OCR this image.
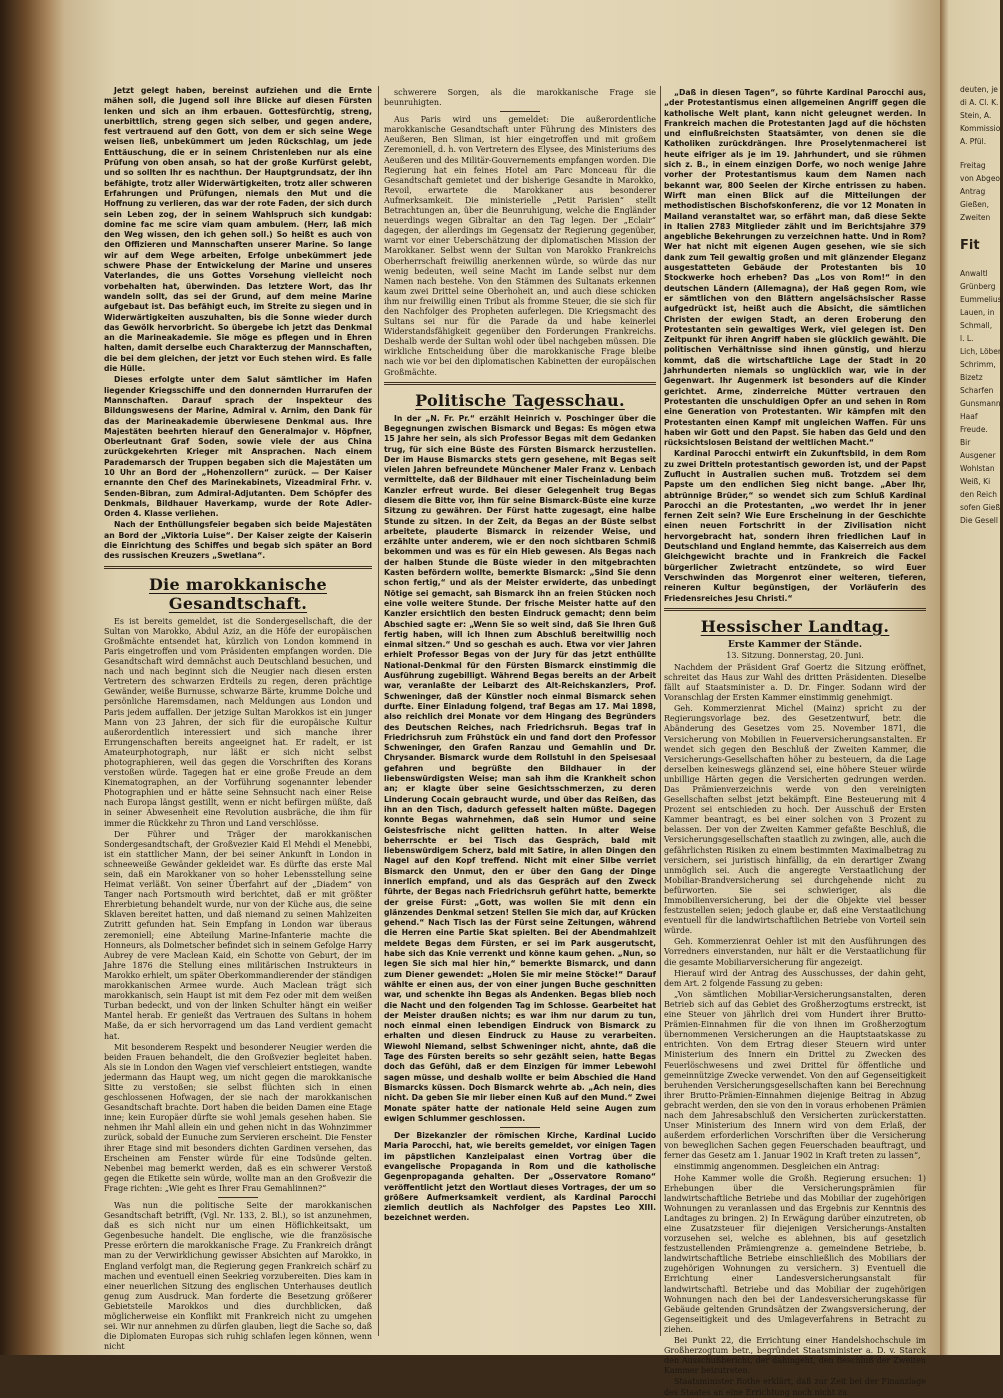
Jetzt gelegt haben, bereinst aufziehen und die Ernte mähen soll, die Jugend soll ihre Blicke auf diesen Fürsten lenken und sich an ihm erbauen. Gottesfürchtig, streng, unerbittlich, streng gegen sich selber, und gegen andere, fest vertrauend auf den Gott, von dem er sich seine Wege weisen ließ, unbekümmert um jeden Rückschlag, um jede Enttäuschung, die er in seinem Christenleben nur als eine Prüfung von oben ansah, so hat der große Kurfürst gelebt, und so sollten Ihr es nachthun. Der Hauptgrundsatz, der ihn befähigte, trotz aller Widerwärtigkeiten, trotz aller schweren Erfahrungen und Prüfungen, niemals den Mut und die Hoffnung zu verlieren, das war der rote Faden, der sich durch sein Leben zog, der in seinem Wahlspruch sich kundgab: domine fac me scire viam quam ambulem. (Herr, laß mich den Weg wissen, den ich gehen soll.) So heißt es auch von den Offizieren und Mannschaften unserer Marine. So lange wir auf dem Wege arbeiten, Erfolge unbekümmert jede schwere Phase der Entwickelung der Marine und unseres Vaterlandes, die uns Gottes Vorsehung vielleicht noch vorbehalten hat, überwinden. Das letztere Wort, das Ihr wandeln sollt, das sei der Grund, auf dem meine Marine aufgebaut ist. Das befähigt euch, im Streite zu siegen und in Widerwärtigkeiten auszuhalten, bis die Sonne wieder durch das Gewölk hervorbricht. So übergebe ich jetzt das Denkmal an die Marineakademie. Sie möge es pflegen und in Ehren halten, damit derselbe euch Charakterzug der Mannschaften, die bei dem gleichen, der jetzt vor Euch stehen wird. Es falle die Hülle.

Dieses erfolgte unter dem Salut sämtlicher im Hafen liegender Kriegsschiffe und den donnernden Hurrarufen der Mannschaften. Darauf sprach der Inspekteur des Bildungswesens der Marine, Admiral v. Arnim, den Dank für das der Marineakademie überwiesene Denkmal aus. Ihre Majestäten beehrten hierauf den Generalmajor v. Höpfner, Oberleutnant Graf Soden, sowie viele der aus China zurückgekehrten Krieger mit Ansprachen. Nach einem Parademarsch der Truppen begaben sich die Majestäten um 10 Uhr an Bord der „Hohenzollern“ zurück. — Der Kaiser ernannte den Chef des Marinekabinets, Vizeadmiral Frhr. v. Senden-Bibran, zum Admiral-Adjutanten. Dem Schöpfer des Denkmals, Bildhauer Haverkamp, wurde der Rote Adler-Orden 4. Klasse verliehen.

Nach der Enthüllungsfeier begaben sich beide Majestäten an Bord der „Viktoria Luise“. Der Kaiser zeigte der Kaiserin die Einrichtung des Schiffes und begab sich später an Bord des russischen Kreuzers „Swetlana“.

Die marokkanische Gesandtschaft.

Es ist bereits gemeldet, ist die Sondergesellschaft, die der Sultan von Marokko, Abdul Aziz, an die Höfe der europäischen Großmächte entsendet hat, kürzlich von London kommend in Paris eingetroffen und vom Präsidenten empfangen worden. Die Gesandtschaft wird demnächst auch Deutschland besuchen, und nach und nach beginnt sich die Neugier nach diesen ersten Vertretern des schwarzen Erdteils zu regen, deren prächtige Gewänder, weiße Burnusse, schwarze Bärte, krumme Dolche und persönliche Haremsdamen, nach Meldungen aus London und Paris jedem auffallen. Der jetzige Sultan Marokkos ist ein junger Mann von 23 Jahren, der sich für die europäische Kultur außerordentlich interessiert und sich manche ihrer Errungenschaften bereits angeeignet hat. Er radelt, er ist Amateurphotograph, nur läßt er sich nicht selbst photographieren, weil das gegen die Vorschriften des Korans verstoßen würde. Tagegen hat er eine große Freude an dem Kinematographen, an der Vorführung sogenannter lebender Photographien und er hätte seine Sehnsucht nach einer Reise nach Europa längst gestillt, wenn er nicht befürgen müßte, daß in seiner Abwesenheit eine Revolution ausbräche, die ihm für immer die Rückkehr zu Thron und Land verschlösse.

Der Führer und Träger der marokkanischen Sondergesandtschaft, der Großvezier Kaid El Mehdi el Menebbi, ist ein stattlicher Mann, der bei seiner Ankunft in London in schneeweiße Gewänder gekleidet war. Es dürfte das erste Mal sein, daß ein Marokkaner von so hoher Lebensstellung seine Heimat verläßt. Von seiner Überfahrt auf der „Diadem“ von Tanger nach Portsmouth wird berichtet, daß er mit größter Ehrerbietung behandelt wurde, nur von der Küche aus, die seine Sklaven bereitet hatten, und daß niemand zu seinen Mahlzeiten Zutritt gefunden hat. Sein Empfang in London war überaus zeremoniell; eine Abteilung Marine-Infanterie machte die Honneurs, als Dolmetscher befindet sich in seinem Gefolge Harry Aubrey de vere Maclean Kaid, ein Schotte von Geburt, der im Jahre 1876 die Stellung eines militärischen Instrukteurs in Marokko erhielt, um später Oberkommandierender der ständigen marokkanischen Armee wurde. Auch Maclean trägt sich marokkanisch, sein Haupt ist mit dem Fez oder mit dem weißen Turban bedeckt, und von der linken Schulter hängt ein weißer Mantel herab. Er genießt das Vertrauen des Sultans in hohem Maße, da er sich hervorragend um das Land verdient gemacht hat.

Mit besonderem Respekt und besonderer Neugier werden die beiden Frauen behandelt, die den Großvezier begleitet haben. Als sie in London den Wagen vief verschleiert entstiegen, wandte jedermann das Haupt weg, um nicht gegen die marokkanische Sitte zu verstoßen; sie selbst flüchten sich in einen geschlossenen Hofwagen, der sie nach der marokkanischen Gesandtschaft brachte. Dort haben die beiden Damen eine Etage inne; kein Europäer dürfte sie wohl jemals gesehen haben. Sie nehmen ihr Mahl allein ein und gehen nicht in das Wohnzimmer zurück, sobald der Eunuche zum Servieren erscheint. Die Fenster ihrer Etage sind mit besonders dichten Gardinen versehen, das Erscheinen am Fenster würde für eine Todsünde gelten. Nebenbei mag bemerkt werden, daß es ein schwerer Verstoß gegen die Etikette sein würde, wollte man an den Großvezir die Frage richten: „Wie geht es Ihrer Frau Gemahlinnen?“

Was nun die politische Seite der marokkanischen Gesandtschaft betrifft, (Vgl. Nr. 133, 2. Bl.), so ist anzunehmen, daß es sich nicht nur um einen Höflichkeitsakt, um Gegenbesuche handelt. Die englische, wie die französische Presse erörtern die marokkanische Frage. Zu Frankreich drängt man zu der Verwirklichung gewisser Absichten auf Marokko, in England verfolgt man, die Regierung gegen Frankreich schärf zu machen und eventuell einen Seekrieg vorzubereiten. Dies kam in einer neuerlichen Sitzung des englischen Unterhauses deutlich genug zum Ausdruck. Man forderte die Besetzung größerer Gebietsteile Marokkos und dies durchblicken, daß möglicherweise ein Konflikt mit Frankreich nicht zu umgehen sei. Wir nur annehmen zu dürfen glauben, liegt die Sache so, daß die Diplomaten Europas sich ruhig schlafen legen können, wenn nicht

schwerere Sorgen, als die marokkanische Frage sie beunruhigten.

Aus Paris wird uns gemeldet: Die außerordentliche marokkanische Gesandtschaft unter Führung des Ministers des Aeußeren, Ben Sliman, ist hier eingetroffen und mit großem Zeremoniell, d. h. von Vertretern des Elysee, des Ministeriums des Aeußeren und des Militär-Gouvernements empfangen worden. Die Regierung hat ein feines Hotel am Parc Monceau für die Gesandtschaft gemietet und der bisherige Gesandte in Marokko, Revoil, erwartete die Marokkaner aus besonderer Aufmerksamkeit. Die ministerielle „Petit Parisien“ stellt Betrachtungen an, über die Beunruhigung, welche die Engländer neuerdings wegen Gibraltar an den Tag legen. Der „Eclair“ dagegen, der allerdings im Gegensatz der Regierung gegenüber, warnt vor einer Ueberschätzung der diplomatischen Mission der Marokkaner. Selbst wenn der Sultan von Marokko Frankreichs Oberherrschaft freiwillig anerkennen würde, so würde das nur wenig bedeuten, weil seine Macht im Lande selbst nur dem Namen nach bestehe. Von den Stämmen des Sultanats erkennen kaum zwei Drittel seine Oberhoheit an, und auch diese schicken ihm nur freiwillig einen Tribut als fromme Steuer, die sie sich für den Nachfolger des Propheten auferlegen. Die Kriegsmacht des Sultans sei nur für die Parade da und habe keinerlei Widerstandsfähigkeit gegenüber den Forderungen Frankreichs. Deshalb werde der Sultan wohl oder übel nachgeben müssen. Die wirkliche Entscheidung über die marokkanische Frage bleibe nach wie vor bei den diplomatischen Kabinetten der europäischen Großmächte.

Politische Tagesschau.

In der „N. Fr. Pr.“ erzählt Heinrich v. Poschinger über die Begegnungen zwischen Bismarck und Begas: Es mögen etwa 15 Jahre her sein, als sich Professor Begas mit dem Gedanken trug, für sich eine Büste des Fürsten Bismarck herzustellen. Der im Hause Bismarcks stets gern gesehene, mit Begas seit vielen Jahren befreundete Münchener Maler Franz v. Lenbach vermittelte, daß der Bildhauer mit einer Tischeinladung beim Kanzler erfreut wurde. Bei dieser Gelegenheit trug Begas diesem die Bitte vor, ihm für seine Bismarck-Büste eine kurze Sitzung zu gewähren. Der Fürst hatte zugesagt, eine halbe Stunde zu sitzen. In der Zeit, da Begas an der Büste selbst arbeitete, plauderte Bismarck in reizender Weise, und erzählte unter anderem, wie er den noch sichtbaren Schmiß bekommen und was es für ein Hieb gewesen. Als Begas nach der halben Stunde die Büste wieder in den mitgebrachten Kasten befördern wollte, bemerkte Bismarck: „Sind Sie denn schon fertig,“ und als der Meister erwiderte, das unbedingt Nötige sei gemacht, sah Bismarck ihn an freien Stücken noch eine volle weitere Stunde. Der frische Meister hatte auf den Kanzler ersichtlich den besten Eindruck gemacht; denn beim Abschied sagte er: „Wenn Sie so weit sind, daß Sie Ihren Guß fertig haben, will ich Ihnen zum Abschluß bereitwillig noch einmal sitzen.“ Und so geschah es auch. Etwa vor vier Jahren erhielt Professor Begas von der Jury für das jetzt enthüllte National-Denkmal für den Fürsten Bismarck einstimmig die Ausführung zugebilligt. Während Begas bereits an der Arbeit war, veranlaßte der Leibarzt des Alt-Reichskanzlers, Prof. Schweninger, daß der Künstler noch einmal Bismarck sehen durfte. Einer Einladung folgend, traf Begas am 17. Mai 1898, also reichlich drei Monate vor dem Hingang des Begründers des Deutschen Reiches, nach Friedrichsruh. Begas traf in Friedrichsruh zum Frühstück ein und fand dort den Professor Schweninger, den Grafen Ranzau und Gemahlin und Dr. Chrysander. Bismarck wurde dem Rollstuhl in den Speisesaal gefahren und begrüßte den Bildhauer in der liebenswürdigsten Weise; man sah ihm die Krankheit schon an; er klagte über seine Gesichtsschmerzen, zu deren Linderung Cocain gebraucht wurde, und über das Reißen, das ihn an den Tisch, dadurch gefesselt halten müßte. Dagegen konnte Begas wahrnehmen, daß sein Humor und seine Geistesfrische nicht gelitten hatten. In alter Weise beherrschte er bei Tisch das Gespräch, bald mit liebenswürdigem Scherz, bald mit Satire, in allen Dingen den Nagel auf den Kopf treffend. Nicht mit einer Silbe verriet Bismarck den Unmut, den er über den Gang der Dinge innerlich empfand, und als das Gespräch auf den Zweck führte, der Begas nach Friedrichsruh geführt hatte, bemerkte der greise Fürst: „Gott, was wollen Sie mit denn ein glänzendes Denkmal setzen! Stellen Sie mich dar, auf Krücken gehend.“ Nach Tisch las der Fürst seine Zeitungen, während die Herren eine Partie Skat spielten. Bei der Abendmahlzeit meldete Begas dem Fürsten, er sei im Park ausgerutscht, habe sich das Knie verrenkt und könne kaum gehen. „Nun, so legen Sie sich mal hier hin,“ bemerkte Bismarck, und dann zum Diener gewendet: „Holen Sie mir meine Stöcke!“ Darauf wählte er einen aus, der von einer jungen Buche geschnitten war, und schenkte ihn Begas als Andenken. Begas blieb noch die Nacht und den folgenden Tag im Schlosse. Gearbeitet hat der Meister draußen nichts; es war ihm nur darum zu tun, noch einmal einen lebendigen Eindruck von Bismarck zu erhalten und diesen Eindruck zu Hause zu verarbeiten. Wiewohl Niemand, selbst Schweninger nicht, ahnte, daß die Tage des Fürsten bereits so sehr gezählt seien, hatte Begas doch das Gefühl, daß er dem Einzigen für immer Lebewohl sagen müsse, und deshalb wollte er beim Abschied die Hand Bismarcks küssen. Doch Bismarck wehrte ab. „Ach nein, dies nicht. Da geben Sie mir lieber einen Kuß auf den Mund.“ Zwei Monate später hatte der nationale Held seine Augen zum ewigen Schlummer geschlossen.

Der Bizekanzler der römischen Kirche, Kardinal Lucido Maria Parocchi, hat, wie bereits gemeldet, vor einigen Tagen im päpstlichen Kanzleipalast einen Vortrag über die evangelische Propaganda in Rom und die katholische Gegenpropaganda gehalten. Der „Osservatore Romano“ veröffentlicht jetzt den Wortlaut dieses Vortrages, der um so größere Aufmerksamkeit verdient, als Kardinal Parocchi ziemlich deutlich als Nachfolger des Papstes Leo XIII. bezeichnet werden.

„Daß in diesen Tagen“, so führte Kardinal Parocchi aus, „der Protestantismus einen allgemeinen Angriff gegen die katholische Welt plant, kann nicht geleugnet werden. In Frankreich machen die Protestanten Jagd auf die höchsten und einflußreichsten Staatsämter, von denen sie die Katholiken zurückdrängen. Ihre Proselytenmacherei ist heute eifriger als je im 19. Jahrhundert, und sie rühmen sich z. B., in einem einzigen Dorfe, wo noch wenige Jahre vorher der Protestantismus kaum dem Namen nach bekannt war, 800 Seelen der Kirche entrissen zu haben. Wirft man einen Blick auf die Mitteilungen der methodistischen Bischofskonferenz, die vor 12 Monaten in Mailand veranstaltet war, so erfährt man, daß diese Sekte in Italien 2783 Mitglieder zählt und im Berichtsjahre 379 angebliche Bekehrungen zu verzeichnen hatte. Und in Rom? Wer hat nicht mit eigenen Augen gesehen, wie sie sich dank zum Teil gewaltig großen und mit glänzender Eleganz ausgestatteten Gebäude der Protestanten bis 10 Stockwerke hoch erheben? Das „Los von Rom!“ in den deutschen Ländern (Allemagna), der Haß gegen Rom, wie er sämtlichen von den Blättern angelsächsischer Rasse aufgedrückt ist, heißt auch die Absicht, die sämtlichen Christen der ewigen Stadt, an deren Eroberung den Protestanten sein gewaltiges Werk, viel gelegen ist. Den Zeitpunkt für ihren Angriff haben sie glücklich gewählt. Die politischen Verhältnisse sind ihnen günstig, und hierzu kommt, daß die wirtschaftliche Lage der Stadt in 20 Jahrhunderten niemals so unglücklich war, wie in der Gegenwart. Ihr Augenmerk ist besonders auf die Kinder gerichtet. Arme, zinderreiche Mütter vertrauen den Protestanten die unschuldigen Opfer an und sehen in Rom eine Generation von Protestanten. Wir kämpfen mit den Protestanten einen Kampf mit ungleichen Waffen. Für uns haben wir Gott und den Papst. Sie haben das Geld und den rücksichtslosen Beistand der weltlichen Macht.“

Kardinal Parocchi entwirft ein Zukunftsbild, in dem Rom zu zwei Dritteln protestantisch geworden ist, und der Papst Zuflucht in Australien suchen muß. Trotzdem sei dem Papste um den endlichen Sieg nicht bange. „Aber Ihr, abtrünnige Brüder,“ so wendet sich zum Schluß Kardinal Parocchi an die Protestanten, „wo werdet Ihr in jener fernen Zeit sein? Wie Eure Erscheinung in der Geschichte einen neuen Fortschritt in der Zivilisation nicht hervorgebracht hat, sondern ihren friedlichen Lauf in Deutschland und England hemmte, das Kaiserreich aus dem Gleichgewicht brachte und in Frankreich die Fackel bürgerlicher Zwietracht entzündete, so wird Euer Verschwinden das Morgenrot einer weiteren, tieferen, reineren Kultur begünstigen, der Vorläuferin des Friedensreiches Jesu Christi.“

Hessischer Landtag.
Erste Kammer der Stände.
13. Sitzung. Donnerstag, 20. Juni.

Nachdem der Präsident Graf Goertz die Sitzung eröffnet, schreitet das Haus zur Wahl des dritten Präsidenten. Dieselbe fällt auf Staatsminister a. D. Dr. Finger. Sodann wird der Voranschlag der Ersten Kammer einstimmig genehmigt.

Geh. Kommerzienrat Michel (Mainz) spricht zu der Regierungsvorlage bez. des Gesetzentwurf, betr. die Abänderung des Gesetzes vom 25. November 1871, die Versicherung von Mobilien in Feuerversicherungsanstalten. Er wendet sich gegen den Beschluß der Zweiten Kammer, die Versicherungs-Gesellschaften höher zu besteuern, da die Lage derselben keineswegs glänzend sei, eine höhere Steuer würde unbillige Härten gegen die Versicherten gedrungen werden. Das Prämienverzeichnis werde von den vereinigten Gesellschaften selbst jetzt bekämpft. Eine Besteuerung mit 4 Prozent sei entschieden zu hoch. Der Ausschuß der Ersten Kammer beantragt, es bei einer solchen von 3 Prozent zu belassen. Der von der Zweiten Kammer gefaßte Beschluß, die Versicherungsgesellschaften staatlich zu zwingen, alle, auch die gefährlichsten Risiken zu einem bestimmten Maximalbetrag zu versichern, sei juristisch hinfällig, da ein derartiger Zwang unmöglich sei. Auch die angeregte Verstaatlichung der Mobiliar-Brandversicherung sei durchgehende nicht zu befürworten. Sie sei schwieriger, als die Immobilienversicherung, bei der die Objekte viel besser festzustellen seien; jedoch glaube er, daß eine Verstaatlichung eventuell für die landwirtschaftlichen Betriebe von Vorteil sein würde.

Geh. Kommerzienrat Oehler ist mit den Ausführungen des Vorredners einverstanden, nur hält er die Verstaatlichung für die gesamte Mobiliarversicherung für angezeigt.

Hierauf wird der Antrag des Ausschusses, der dahin geht, dem Art. 2 folgende Fassung zu geben:

„Von sämtlichen Mobiliar-Versicherungsanstalten, deren Betrieb sich auf das Gebiet des Großherzogtums erstreckt, ist eine Steuer von jährlich drei vom Hundert ihrer Brutto-Prämien-Einnahmen für die von ihnen im Großherzogtum übernommenen Versicherungen an die Hauptstaatskasse zu entrichten. Von dem Ertrag dieser Steuern wird unter Ministerium des Innern ein Drittel zu Zwecken des Feuerlöschwesens und zwei Drittel für öffentliche und gemeinnützige Zwecke verwendet. Von den auf Gegenseitigkeit beruhenden Versicherungsgesellschaften kann bei Berechnung ihrer Brutto-Prämien-Einnahmen diejenige Beitrag in Abzug gebracht werden, den sie von den in voraus erhobenen Prämien nach dem Jahresabschluß den Versicherten zurückerstatten. Unser Ministerium des Innern wird von dem Erlaß, der außerdem erforderlichen Vorschriften über die Versicherung von beweglichen Sachen gegen Feuerschaden beauftragt, und ferner das Gesetz am 1. Januar 1902 in Kraft treten zu lassen“,

einstimmig angenommen. Desgleichen ein Antrag:

Hohe Kammer wolle die Großh. Regierung ersuchen: 1) Erhebungen über die Versicherungsprämien für landwirtschaftliche Betriebe und das Mobiliar der zugehörigen Wohnungen zu veranlassen und das Ergebnis zur Kenntnis des Landtages zu bringen. 2) In Erwägung darüber einzutreten, ob eine Zusatzsteuer für diejenigen Versicherungs-Anstalten vorzusehen sei, welche es ablehnen, bis auf gesetzlich festzustellenden Prämiengrenze a. gemeindene Betriebe, b. landwirtschaftliche Betriebe einschließlich des Mobiliars der zugehörigen Wohnungen zu versichern. 3) Eventuell die Errichtung einer Landesversicherungsanstalt für landwirtschaftl. Betriebe und das Mobiliar der zugehörigen Wohnungen nach den bei der Landesversicherungskasse für Gebäude geltenden Grundsätzen der Zwangsversicherung, der Gegenseitigkeit und des Umlageverfahrens in Betracht zu ziehen.

Bei Punkt 22, die Errichtung einer Handelshochschule im Großherzogtum betr., begründet Staatsminister a. D. v. Starck den Ausschußbericht, der dahingeht, den Beschluß der Zweiten Kammer beizutreten.

Staatsminister Rothe erklärt, daß zur Zeit bei der Finanzlage des Staates an eine Errichtung noch nicht zu

deuten, je
di A. Cl. K.
Stein, A.
Kommissio
A. Pfül.
Freitag
von Abgeo
Antrag
Gießen,
Zweiten
Fit
Anwaltl
Grünberg
Eummelius
Lauen, in
Schmall,
l. L.
Lich, Löber
Schrimm,
Bizetz
Scharfen
Gunsmann,
Haaf
Freude.
Bir
Ausgener
Wohlstan
Weiß, Ki
den Reich
sofen Gieß
Die Gesell
